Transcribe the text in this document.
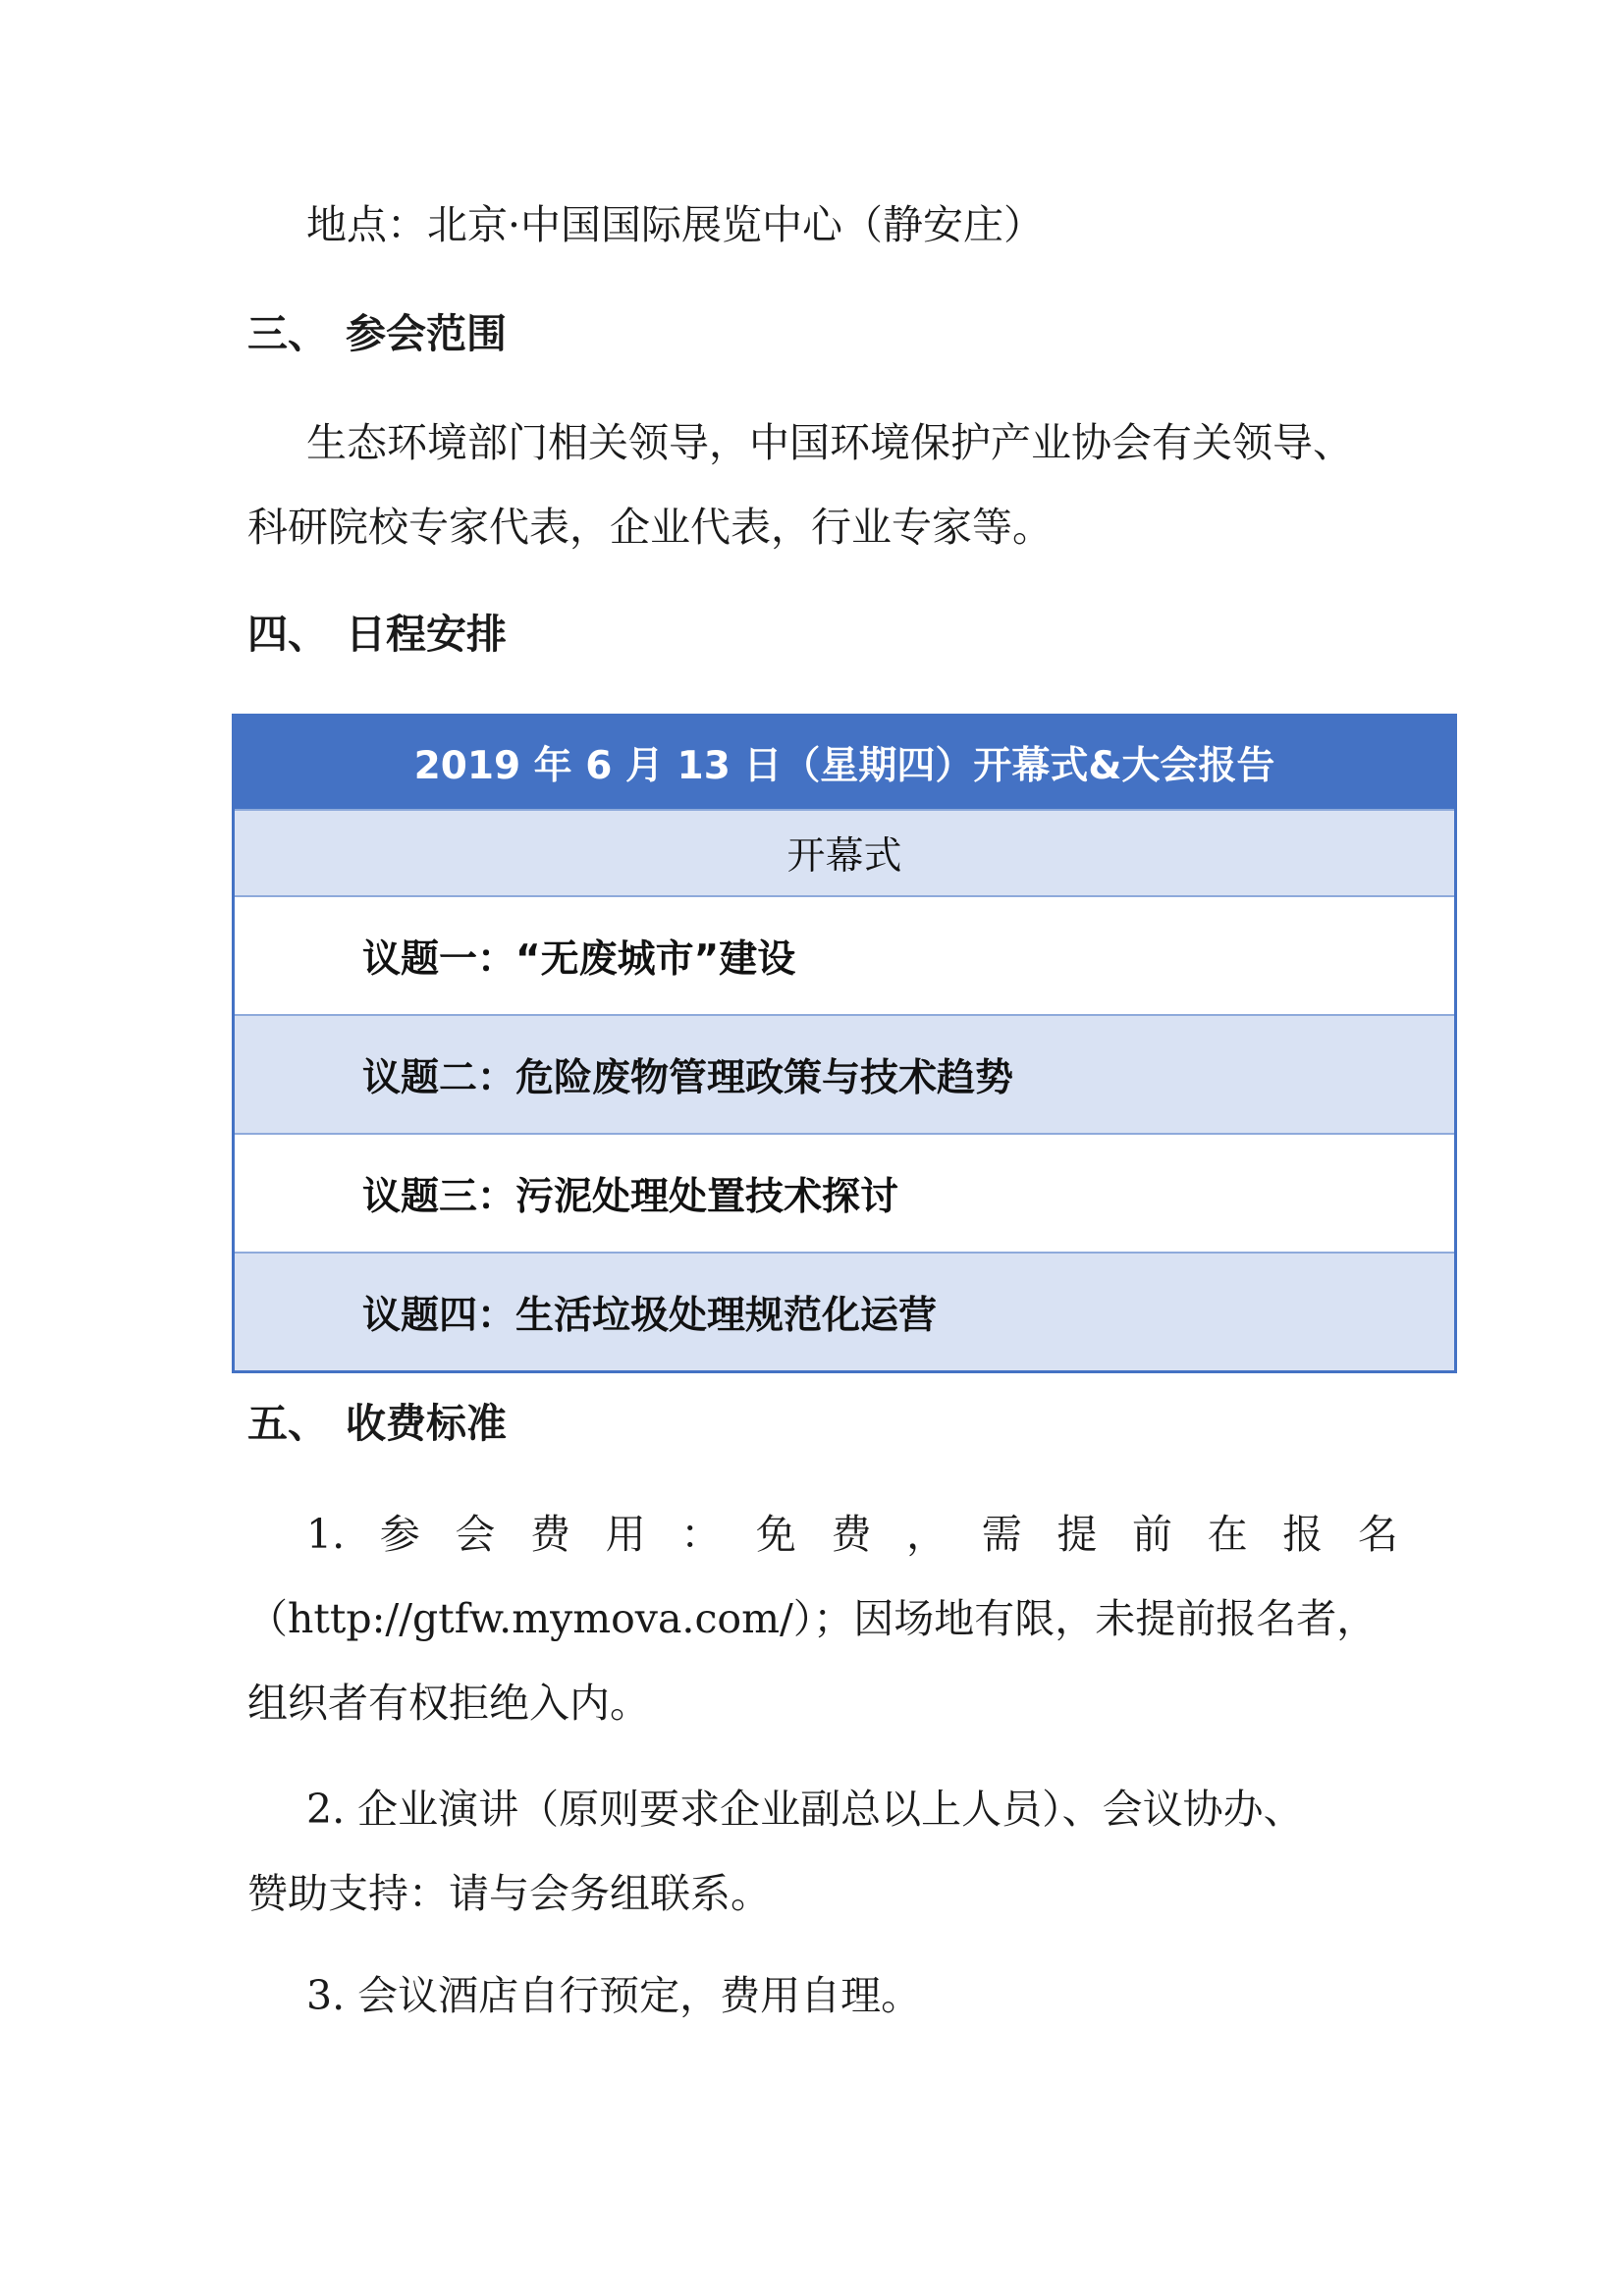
地点：北京·中国国际展览中心（静安庄）

三、 参会范围
生态环境部门相关领导，中国环境保护产业协会有关领导、
科研院校专家代表，企业代表，行业专家等。
四、 日程安排
2019 年 6 月 13 日（星期四）开幕式&大会报告
开幕式
议题一：“无废城市”建设
议题二：危险废物管理政策与技术趋势
议题三：污泥处理处置技术探讨
议题四：生活垃圾处理规范化运营
五、 收费标准
1. 参 会 费 用 ： 免 费 ， 需 提 前 在 报 名
（http://gtfw.mymova.com/）；因场地有限，未提前报名者，
组织者有权拒绝入内。
2. 企业演讲（原则要求企业副总以上人员）、会议协办、
赞助支持：请与会务组联系。

3. 会议酒店自行预定，费用自理。
